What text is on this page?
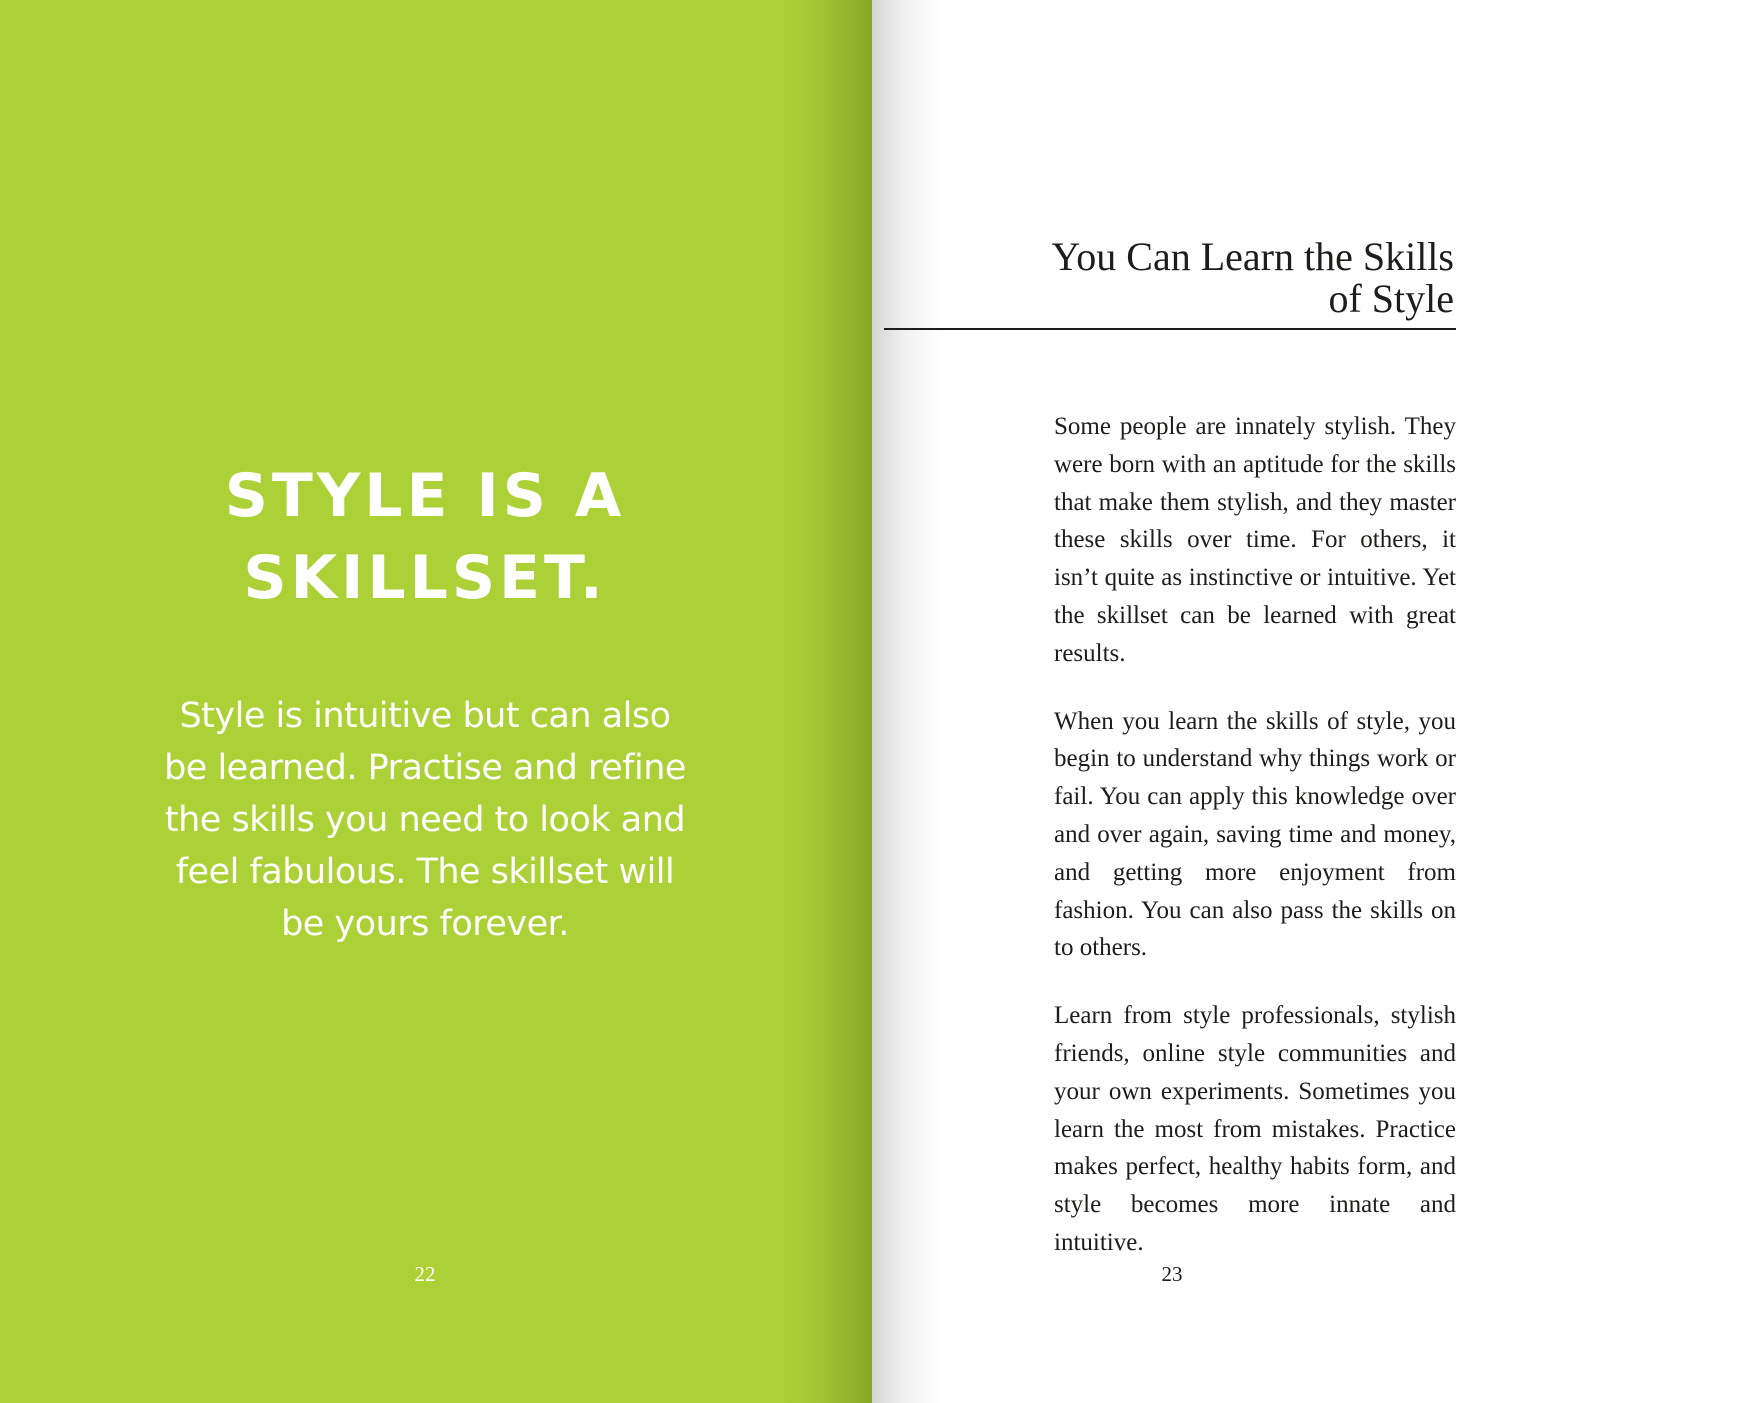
STYLE IS A
SKILLSET.
Style is intuitive but can also be learned. Practise and refine the skills you need to look and feel fabulous. The skillset will be yours forever.
22
You Can Learn the Skills
of Style

Some people are innately stylish. They were born with an aptitude for the skills that make them stylish, and they master these skills over time. For others, it isn’t quite as instinctive or intuitive. Yet the skillset can be learned with great results.

When you learn the skills of style, you begin to understand why things work or fail. You can apply this knowledge over and over again, saving time and money, and getting more enjoyment from fashion. You can also pass the skills on to others.

Learn from style professionals, stylish friends, online style communities and your own experiments. Sometimes you learn the most from mistakes. Practice makes perfect, healthy habits form, and style becomes more innate and intuitive.

23
